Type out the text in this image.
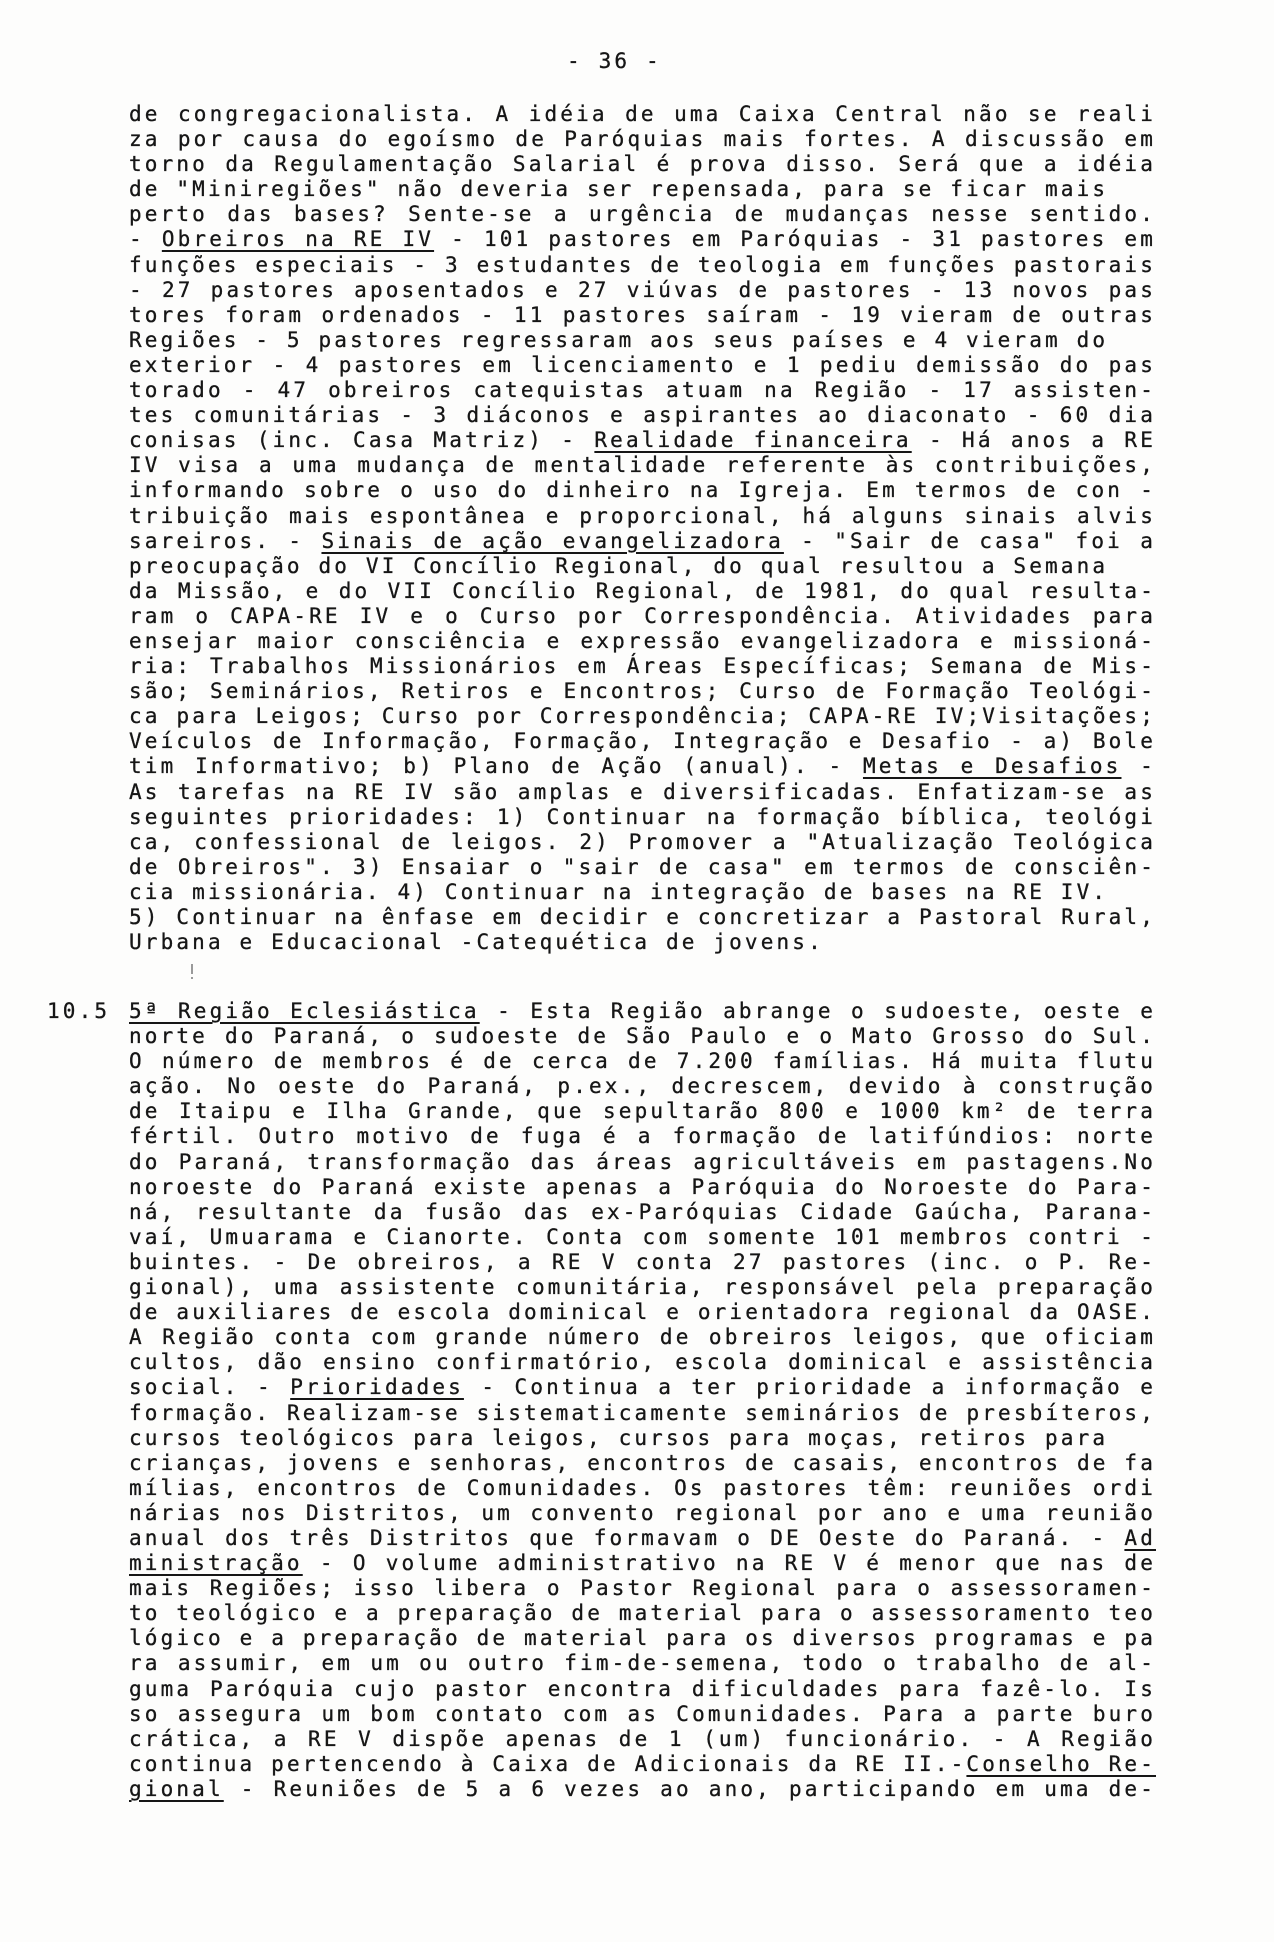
- 36 -
de congregacionalista. A idéia de uma Caixa Central não se reali
za por causa do egoísmo de Paróquias mais fortes. A discussão em
torno da Regulamentação Salarial é prova disso. Será que a idéia
de "Miniregiões" não deveria ser repensada, para se ficar mais
perto das bases? Sente-se a urgência de mudanças nesse sentido.
- Obreiros na RE IV - 101 pastores em Paróquias - 31 pastores em
funções especiais - 3 estudantes de teologia em funções pastorais
- 27 pastores aposentados e 27 viúvas de pastores - 13 novos pas
tores foram ordenados - 11 pastores saíram - 19 vieram de outras
Regiões - 5 pastores regressaram aos seus países e 4 vieram do
exterior - 4 pastores em licenciamento e 1 pediu demissão do pas
torado - 47 obreiros catequistas atuam na Região - 17 assisten-
tes comunitárias - 3 diáconos e aspirantes ao diaconato - 60 dia
conisas (inc. Casa Matriz) - Realidade financeira - Há anos a RE
IV visa a uma mudança de mentalidade referente às contribuições,
informando sobre o uso do dinheiro na Igreja. Em termos de con -
tribuição mais espontânea e proporcional, há alguns sinais alvis
sareiros. - Sinais de ação evangelizadora - "Sair de casa" foi a
preocupação do VI Concílio Regional, do qual resultou a Semana
da Missão, e do VII Concílio Regional, de 1981, do qual resulta-
ram o CAPA-RE IV e o Curso por Correspondência. Atividades para
ensejar maior consciência e expressão evangelizadora e missioná-
ria: Trabalhos Missionários em Áreas Específicas; Semana de Mis-
são; Seminários, Retiros e Encontros; Curso de Formação Teológi-
ca para Leigos; Curso por Correspondência; CAPA-RE IV;Visitações;
Veículos de Informação, Formação, Integração e Desafio - a) Bole
tim Informativo; b) Plano de Ação (anual). - Metas e Desafios -
As tarefas na RE IV são amplas e diversificadas. Enfatizam-se as
seguintes prioridades: 1) Continuar na formação bíblica, teológi
ca, confessional de leigos. 2) Promover a "Atualização Teológica
de Obreiros". 3) Ensaiar o "sair de casa" em termos de consciên-
cia missionária. 4) Continuar na integração de bases na RE IV.
5) Continuar na ênfase em decidir e concretizar a Pastoral Rural,
Urbana e Educacional -Catequética de jovens.
10.5 5ª Região Eclesiástica - Esta Região abrange o sudoeste, oeste e
norte do Paraná, o sudoeste de São Paulo e o Mato Grosso do Sul.
O número de membros é de cerca de 7.200 famílias. Há muita flutu
ação. No oeste do Paraná, p.ex., decrescem, devido à construção
de Itaipu e Ilha Grande, que sepultarão 800 e 1000 km² de terra
fértil. Outro motivo de fuga é a formação de latifúndios: norte
do Paraná, transformação das áreas agricultáveis em pastagens.No
noroeste do Paraná existe apenas a Paróquia do Noroeste do Para-
ná, resultante da fusão das ex-Paróquias Cidade Gaúcha, Parana-
vaí, Umuarama e Cianorte. Conta com somente 101 membros contri -
buintes. - De obreiros, a RE V conta 27 pastores (inc. o P. Re-
gional), uma assistente comunitária, responsável pela preparação
de auxiliares de escola dominical e orientadora regional da OASE.
A Região conta com grande número de obreiros leigos, que oficiam
cultos, dão ensino confirmatório, escola dominical e assistência
social. - Prioridades - Continua a ter prioridade a informação e
formação. Realizam-se sistematicamente seminários de presbíteros,
cursos teológicos para leigos, cursos para moças, retiros para
crianças, jovens e senhoras, encontros de casais, encontros de fa
mílias, encontros de Comunidades. Os pastores têm: reuniões ordi
nárias nos Distritos, um convento regional por ano e uma reunião
anual dos três Distritos que formavam o DE Oeste do Paraná. - Ad
ministração - O volume administrativo na RE V é menor que nas de
mais Regiões; isso libera o Pastor Regional para o assessoramen-
to teológico e a preparação de material para o assessoramento teo
lógico e a preparação de material para os diversos programas e pa
ra assumir, em um ou outro fim-de-semena, todo o trabalho de al-
guma Paróquia cujo pastor encontra dificuldades para fazê-lo. Is
so assegura um bom contato com as Comunidades. Para a parte buro
crática, a RE V dispõe apenas de 1 (um) funcionário. - A Região
continua pertencendo à Caixa de Adicionais da RE II.-Conselho Re-
gional - Reuniões de 5 a 6 vezes ao ano, participando em uma de-
